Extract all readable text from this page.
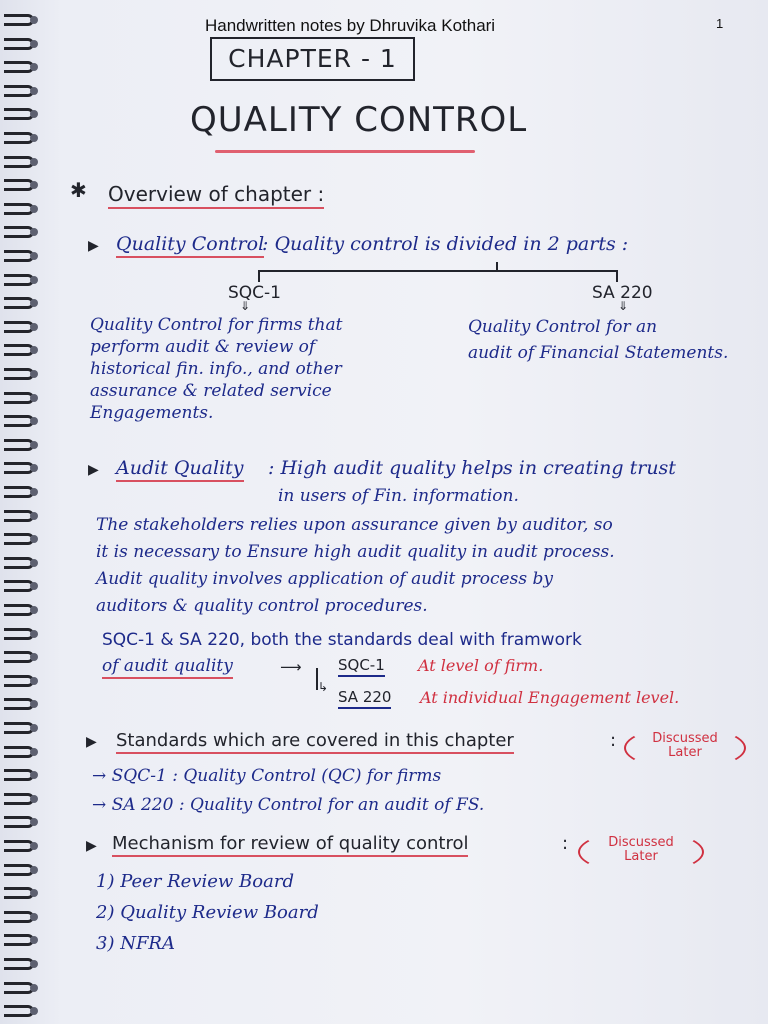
Handwritten notes by Dhruvika Kothari	1
CHAPTER - 1
QUALITY CONTROL
✱ Overview of chapter :
▶ Quality Control
: Quality control is divided in 2 parts :
SQC-1	SA 220
⇓	⇓
Quality Control for firms that
perform audit & review of
historical fin. info., and other
assurance & related service
Engagements.
Quality Control for an
audit of Financial Statements.
▶ Audit Quality : High audit quality helps in creating trust
in users of Fin. information.
The stakeholders relies upon assurance given by auditor, so
it is necessary to Ensure high audit quality in audit process.
Audit quality involves application of audit process by
auditors & quality control procedures.
SQC-1 & SA 220, both the standards deal with framwork
of audit quality	⟶
↳
SQC-1 At level of firm.
SA 220 At individual Engagement level.
▶ Standards which are covered in this chapter	:	Discussed
Later
→ SQC-1 : Quality Control (QC) for firms
→ SA 220 : Quality Control for an audit of FS.
▶ Mechanism for review of quality control	:	Discussed
Later
1) Peer Review Board
2) Quality Review Board
3) NFRA
